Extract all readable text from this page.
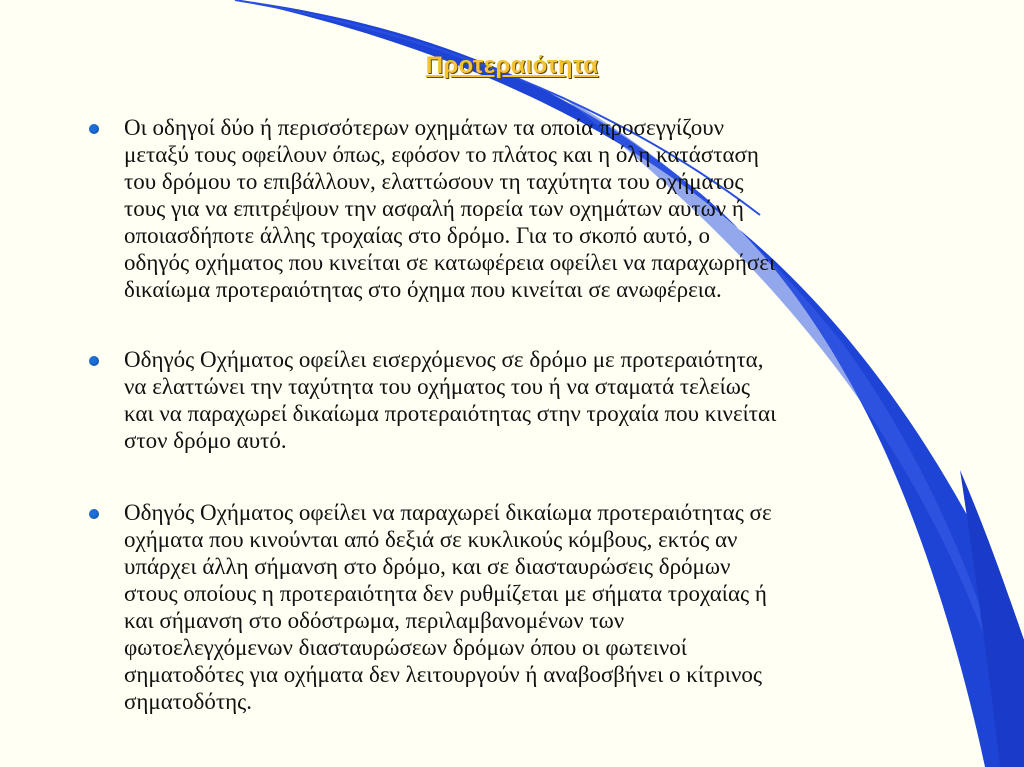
Προτεραιότητα
Οι οδηγοί δύο ή περισσότερων οχημάτων τα οποία προσεγγίζουν
μεταξύ τους οφείλουν όπως, εφόσον το πλάτος και η όλη κατάσταση
του δρόμου το επιβάλλουν, ελαττώσουν τη ταχύτητα του οχήματος
τους για να επιτρέψουν την ασφαλή πορεία των οχημάτων αυτών ή
οποιασδήποτε άλλης τροχαίας στο δρόμο. Για το σκοπό αυτό, ο
οδηγός οχήματος που κινείται σε κατωφέρεια οφείλει να παραχωρήσει
δικαίωμα προτεραιότητας στο όχημα που κινείται σε ανωφέρεια.
Οδηγός Οχήματος οφείλει εισερχόμενος σε δρόμο με προτεραιότητα,
να ελαττώνει την ταχύτητα του οχήματος του ή να σταματά τελείως
και να παραχωρεί δικαίωμα προτεραιότητας στην τροχαία που κινείται
στον δρόμο αυτό.
Οδηγός Οχήματος οφείλει να παραχωρεί δικαίωμα προτεραιότητας σε
οχήματα που κινούνται από δεξιά σε κυκλικούς κόμβους, εκτός αν
υπάρχει άλλη σήμανση στο δρόμο, και σε διασταυρώσεις δρόμων
στους οποίους η προτεραιότητα δεν ρυθμίζεται με σήματα τροχαίας ή
και σήμανση στο οδόστρωμα, περιλαμβανομένων των
φωτοελεγχόμενων διασταυρώσεων δρόμων όπου οι φωτεινοί
σηματοδότες για οχήματα δεν λειτουργούν ή αναβοσβήνει ο κίτρινος
σηματοδότης.
